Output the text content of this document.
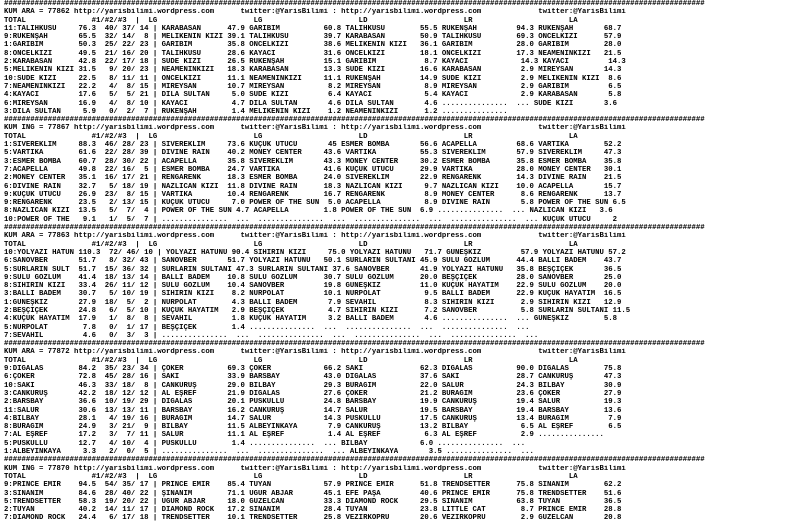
################################################################################################################################################################
KUM ARA = 77862 http://yarisbilimi.wordpress.com      twitter:@YarisBilimi : http://yarisbilimi.wordpress.com             twitter:@YarisBilimi
TOTAL               #1/#2/#3  |  LG                      LG                      LD                      LR                      LA
11:TALIHKUSU     76.3  40/ 37/ 14 | KARABASAN      47.9 GARIBIM          60.8 TALIHKUSU        55.5 RÜKENŞAH         94.3 RÜKENŞAH       68.7
9:RÜKENŞAH       65.5  32/ 14/  8 | MELİKENİN KIZI 39.1 TALIHKUSU        39.7 KARABASAN        50.9 TALIHKUSU        69.3 ÖNCELKIZI      57.9
1:GARIBIM        50.3  25/ 22/ 23 | GARIBIM        35.8 ÖNCELKIZI        38.6 MELİKENİN KIZI   36.1 GARIBIM          28.0 GARIBIM        28.0
8:ÖNCELKIZI      49.5  21/ 16/ 20 | TALIHKUSU      28.6 KAYACI           31.6 ÖNCELKIZI        18.1 ÖNCELKIZI        17.3 NEAMENİNKIZI   21.5
2:KARABASAN      42.8  22/ 17/ 18 | SUDE KIZI      26.5 RÜKENŞAH         15.1 GARIBIM           8.7 KAYACI            14.3 KAYACI         14.3
5:MELİKENİN KIZI 31.5   9/ 20/ 23 | NEAMENİNKIZI   18.3 KARABASAN        13.3 SUDE KIZI        16.6 KARABASAN         2.9 MİREYSAN       14.3
10:SUDE KIZI     22.5   8/ 11/ 11 | ÖNCELKIZI      11.1 NEAMENİNKIZI     11.1 RÜKENŞAH         14.9 SUDE KIZI         2.9 MELİKENİN KIZI  8.6
7:NEAMENİNKIZI   22.2   4/  8/ 15 | MİREYSAN       10.7 MİREYSAN          8.2 MİREYSAN          8.9 MİREYSAN          2.9 GARIBIM         6.5
4:KAYACI         17.6   5/  5/ 21 | DİLA SULTAN     5.0 SUDE KIZI         6.4 KAYACI            5.4 KAYACI            2.9 KARABASAN       5.8
6:MİREYSAN       16.9   4/  8/ 10 | KAYACI          4.7 DİLA SULTAN       4.6 DİLA SULTAN       4.6 ...............  ... SUDE KIZI       3.6
3:DİLA SULTAN     5.9   0/  2/  7 | RÜKENŞAH        1.4 MELİKENİN KIZI    1.2 NEAMENİNKIZI      1.2 ...............
################################################################################################################################################################
KUM ING = 77867 http://yarisbilimi.wordpress.com      twitter:@YarisBilimi : http://yarisbilimi.wordpress.com             twitter:@YarisBilimi
TOTAL               #1/#2/#3  |  LG                      LG                      LD                      LR                      LA
1:SİVEREKLİM     88.3  46/ 28/ 23 | SİVEREKLİM     73.6 KÜÇÜK ÜTÜCÜ       45 ESMER BOMBA       56.6 ACAPELLA         68.6 VARTİKA        52.2
5:VARTİKA        61.6  22/ 28/ 39 | DIVINE RAIN    40.2 MONEY CENTER     43.6 VARTİKA          55.3 SİVEREKLİM       57.9 SİVEREKLİM     47.3
3:ESMER BOMBA    60.7  28/ 30/ 22 | ACAPELLA       35.8 SİVEREKLİM       43.3 MONEY CENTER     30.2 ESMER BOMBA      35.8 ESMER BOMBA    35.8
7:ACAPELLA       49.8  22/ 16/  5 | ESMER BOMBA    24.7 VARTİKA          41.6 KÜÇÜK ÜTÜCÜ      29.9 VARTİKA          28.0 MONEY CENTER   30.1
2:MONEY CENTER   35.1  16/ 17/ 21 | RENGARENK      18.3 ESMER BOMBA      24.0 SİVEREKLİM       22.9 RENGARENK        14.3 DIVINE RAIN    21.5
6:DIVINE RAIN    32.7   5/ 18/ 19 | NAZLICAN KIZI  11.8 DIVINE RAIN      18.3 NAZLICAN KIZI     9.7 NAZLICAN KIZI    10.0 ACAPELLA       15.7
9:KÜÇÜK ÜTÜCÜ    26.9  23/  8/ 15 | VARTİKA        10.4 RENGARENK        16.7 RENGARENK         8.9 MONEY CENTER      8.6 RENGARENK      13.7
9:RENGARENK      23.5   2/ 13/ 15 | KÜÇÜK ÜTÜCÜ     7.0 POWER OF THE SUN  5.0 ACAPELLA          8.9 DIVINE RAIN       5.8 POWER OF THE SUN 6.5
8:NAZLICAN KIZI  13.5   5/  7/  4 | POWER OF THE SUN 4.7 ACAPELLA        1.8 POWER OF THE SUN  6.9 ...............  ... NAZLICAN KIZI   3.6
10:POWER OF THE   9.1   1/  5/  7 | ...............  ...  ...............  ...  ...............  ...  ...............  ... KÜÇÜK ÜTÜCÜ     2
################################################################################################################################################################
KUM ARA = 77863 http://yarisbilimi.wordpress.com      twitter:@YarisBilimi : http://yarisbilimi.wordpress.com             twitter:@YarisBilimi
TOTAL               #1/#2/#3  |  LG                      LG                      LD                      LR                      LA
10:YOLYAZI HATUN 110.3  72/ 46/ 10 | YOLYAZI HATUNU 90.4 SİHİRİN KIZI     75.0 YOLYAZI HATUNU   71.7 GÜNEŞKIZ         57.9 YOLYAZI HATUNU 57.2
6:SANOVBER       51.7   8/ 32/ 43 | SANOVBER       51.7 YOLYAZI HATUNU   50.1 SURLARIN SULTANI 45.9 SULU GÖZLÜM      44.4 BALLI BADEM    43.7
5:SURLARIN SULT  51.7  15/ 36/ 32 | SURLARIN SULTANI 47.3 SURLARIN SULTANI 37.6 SANOVBER       41.9 YOLYAZI HATUNU   35.8 BEŞÇİÇEK       36.5
9:SULU GÖZLÜM    41.4  18/ 13/ 14 | BALLI BADEM    10.8 SULU GÖZLÜM      30.7 SULU GÖZLÜM      20.0 BEŞÇİÇEK         28.0 SANOVBER       25.0
8:SİHİRİN KIZI   33.4  26/ 11/ 12 | SULU GÖZLÜM    10.4 SANOVBER         19.8 GÜNEŞKIZ         11.0 KÜÇÜK HAYATIM    22.9 SULU GÖZLÜM    20.0
3:BALLI BADEM    30.7   5/ 10/ 19 | SİHİRİN KIZI    8.2 NURPOLAT         10.1 NURPOLAT          9.5 BALLI BADEM      22.9 KÜÇÜK HAYATIM  16.5
1:GÜNEŞKIZ       27.9  18/  5/  2 | NURPOLAT        4.3 BALLI BADEM       7.9 SEVAHİL           8.3 SİHİRİN KIZI      2.9 SİHİRİN KIZI   12.9
2:BEŞÇİÇEK       24.8   6/  5/ 10 | KÜÇÜK HAYATIM   2.9 BEŞÇİÇEK          4.7 SİHİRİN KIZI      7.2 SANOVBER          5.8 SURLARIN SULTANI 11.5
4:KÜÇÜK HAYATIM  17.9   1/  8/  8 | SEVAHİL         1.8 KÜÇÜK HAYATIM     3.2 BALLI BADEM       4.6 ...............  ... GÜNEŞKIZ        5.8
5:NURPOLAT        7.8   0/  1/ 17 | BEŞÇİÇEK        1.4 ...............  ...  ...............  ...  ...............  ...
7:SEVAHİL         4.6   0/  3/  3 | ...............  ...  ...............  ...  ...............  ...  ...............  ...
################################################################################################################################################################
KUM ARA = 77872 http://yarisbilimi.wordpress.com      twitter:@YarisBilimi : http://yarisbilimi.wordpress.com             twitter:@YarisBilimi
TOTAL               #1/#2/#3  |  LG                      LG                      LD                      LR                      LA
9:DIGALAS        84.2  35/ 23/ 34 | ÇOKER          69.3 ÇOKER            66.2 SAKİ             62.3 DIGALAS          90.0 DIGALAS        75.8
6:ÇOKER          72.8  45/ 28/ 16 | SAKİ           33.9 BARSBAY          43.0 DIGALAS          37.6 SAKİ             28.7 CANKURUŞ       47.3
10:SAKİ          46.3  33/ 18/  8 | CANKURUŞ       29.0 BILBAY           29.3 BURAĞIM          22.0 SALUR            24.3 BILBAY         30.9
3:CANKURUŞ       42.2  18/ 12/ 12 | AL EŞREF       21.9 DIGALAS          27.6 ÇOKER            21.2 BURAĞIM          23.6 ÇOKER          27.9
2:BARSBAY        36.6  10/ 19/ 29 | DIGALAS        20.1 PÜSKÜLLÜ         24.8 BARSBAY          19.9 CANKURUŞ         19.4 SALUR          19.3
11:SALUR         30.6  13/ 13/ 11 | BARSBAY        16.2 CANKURUŞ         14.7 SALUR            19.5 BARSBAY          19.4 BARSBAY        13.6
4:BILBAY         28.1   4/ 19/ 16 | BURAĞIM        14.7 SALUR            14.3 PÜSKÜLLÜ         17.5 CANKURUŞ         13.4 BURAĞIM         7.9
8:BURAĞIM        24.9   3/ 21/  9 | BILBAY         11.5 ALBEYİNKAYA       7.9 CANKURUŞ         13.2 BILBAY            6.5 AL EŞREF        6.5
7:AL EŞREF       17.2   3/  7/ 11 | SALUR          11.1 AL EŞREF          1.4 AL EŞREF          6.3 AL EŞREF          2.9 ...............
5:PÜSKÜLLÜ       12.7   4/ 10/  4 | PÜSKÜLLÜ        1.4 ...............  ... BILBAY            6.0 ...............  ...
1:ALBEYİNKAYA     3.3   2/  0/  5 | ...............  ...  ...............  ... ALBEYİNKAYA       3.5 ...............  ...
################################################################################################################################################################
KUM ING = 77870 http://yarisbilimi.wordpress.com      twitter:@YarisBilimi : http://yarisbilimi.wordpress.com             twitter:@YarisBilimi
TOTAL               #1/#2/#3  |  LG                      LG                      LD                      LR                      LA
9:PRINCE EMIR    94.5  54/ 35/ 17 | PRINCE EMIR    85.4 TUYAN            57.9 PRINCE EMIR      51.8 TRENDSETTER      75.8 SİNANIM        62.2
3:SİNANIM        84.6  28/ 40/ 22 | ŞİNANIM        71.1 UĞUR ABJAR       45.1 EFE PAŞA         40.6 PRINCE EMIR      75.8 TRENDSETTER    51.6
5:TRENDSETTER    58.3  19/ 20/ 22 | UĞUR ABJAR     18.0 GÜZELCAN         33.3 DİAMOND ROCK     29.5 SİNANIM          63.8 TUYAN          36.5
2:TUYAN          40.2  14/ 11/ 17 | DİAMOND ROCK   17.2 SİNANIM          28.4 TUYAN            23.8 LITTLE CAT        8.7 PRINCE EMIR    28.8
7:DİAMOND ROCK   24.4   6/ 17/ 18 | TRENDSETTER    10.1 TRENDSETTER      25.8 VEZİRKÖPRÜ       20.6 VEZİRKÖPRÜ        2.9 GÜZELCAN       20.8
